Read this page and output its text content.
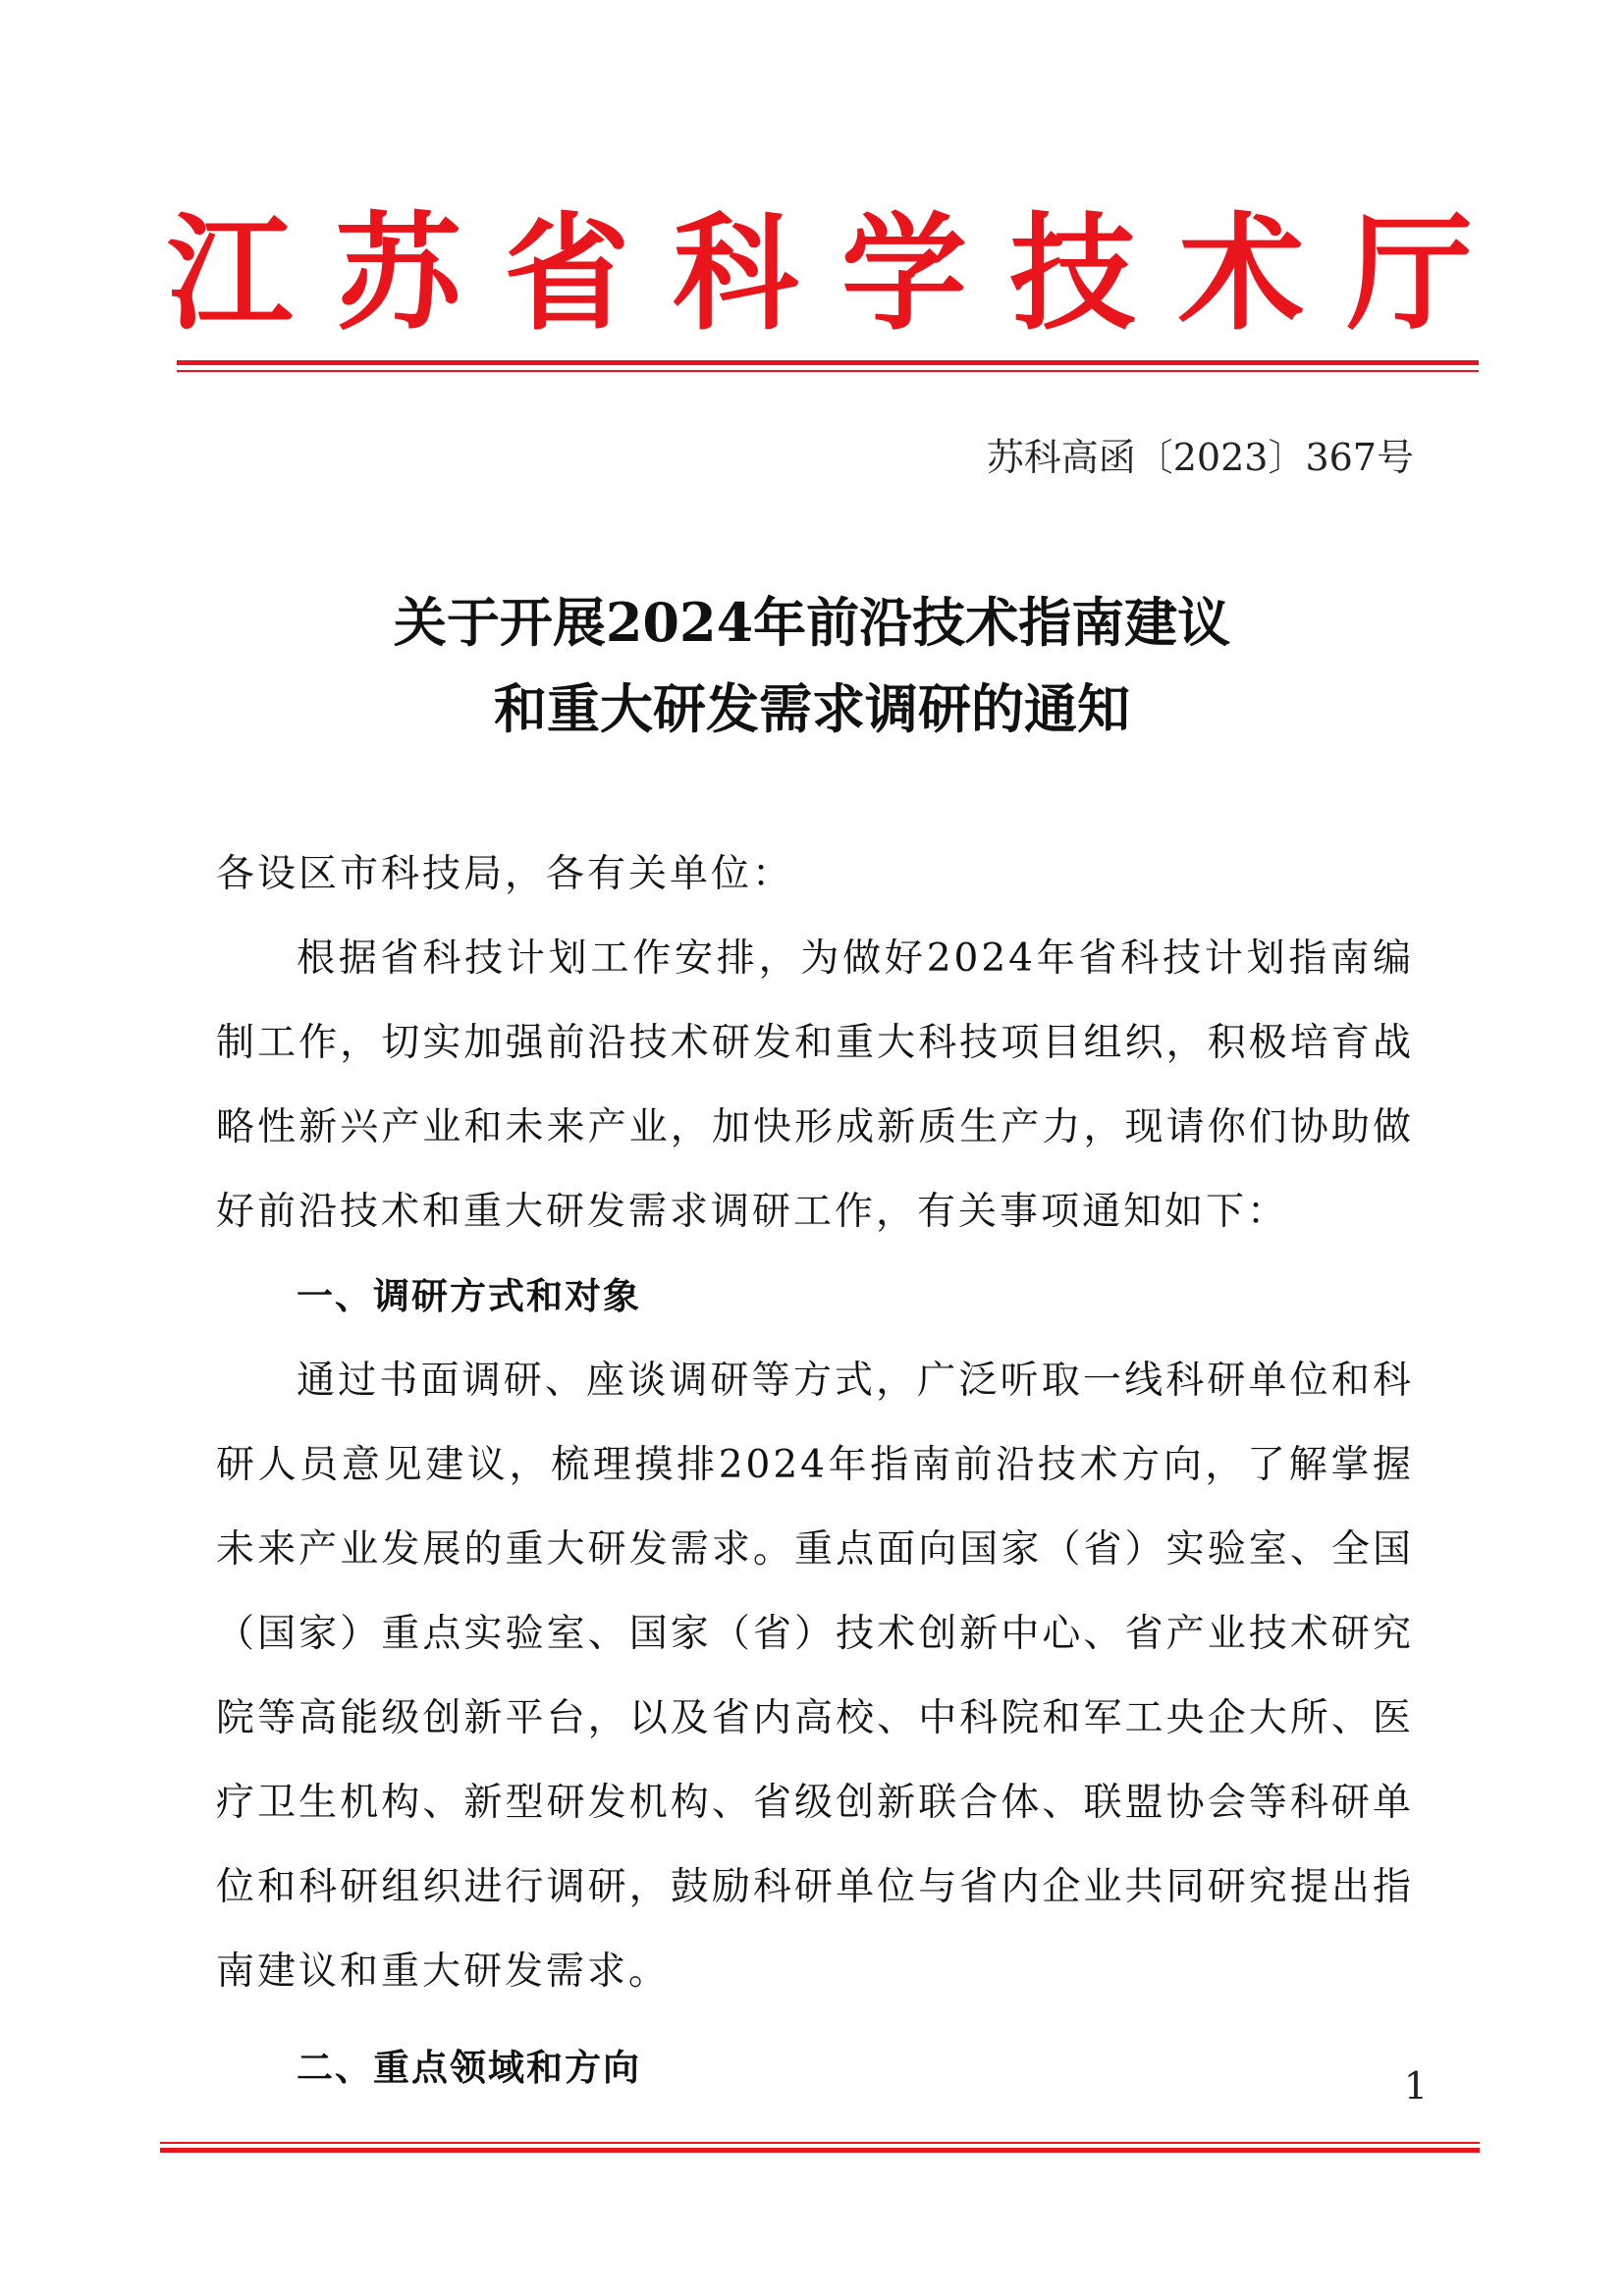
江 苏 省 科 学 技 术 厅
苏科高函〔2023〕367号
关于开展2024年前沿技术指南建议
和重大研发需求调研的通知

各设区市科技局，各有关单位：

根据省科技计划工作安排，为做好2024年省科技计划指南编制工作，切实加强前沿技术研发和重大科技项目组织，积极培育战略性新兴产业和未来产业，加快形成新质生产力，现请你们协助做好前沿技术和重大研发需求调研工作，有关事项通知如下：

一、调研方式和对象

通过书面调研、座谈调研等方式，广泛听取一线科研单位和科研人员意见建议，梳理摸排2024年指南前沿技术方向，了解掌握未来产业发展的重大研发需求。重点面向国家（省）实验室、全国（国家）重点实验室、国家（省）技术创新中心、省产业技术研究院等高能级创新平台，以及省内高校、中科院和军工央企大所、医疗卫生机构、新型研发机构、省级创新联合体、联盟协会等科研单位和科研组织进行调研，鼓励科研单位与省内企业共同研究提出指南建议和重大研发需求。

二、重点领域和方向	1
